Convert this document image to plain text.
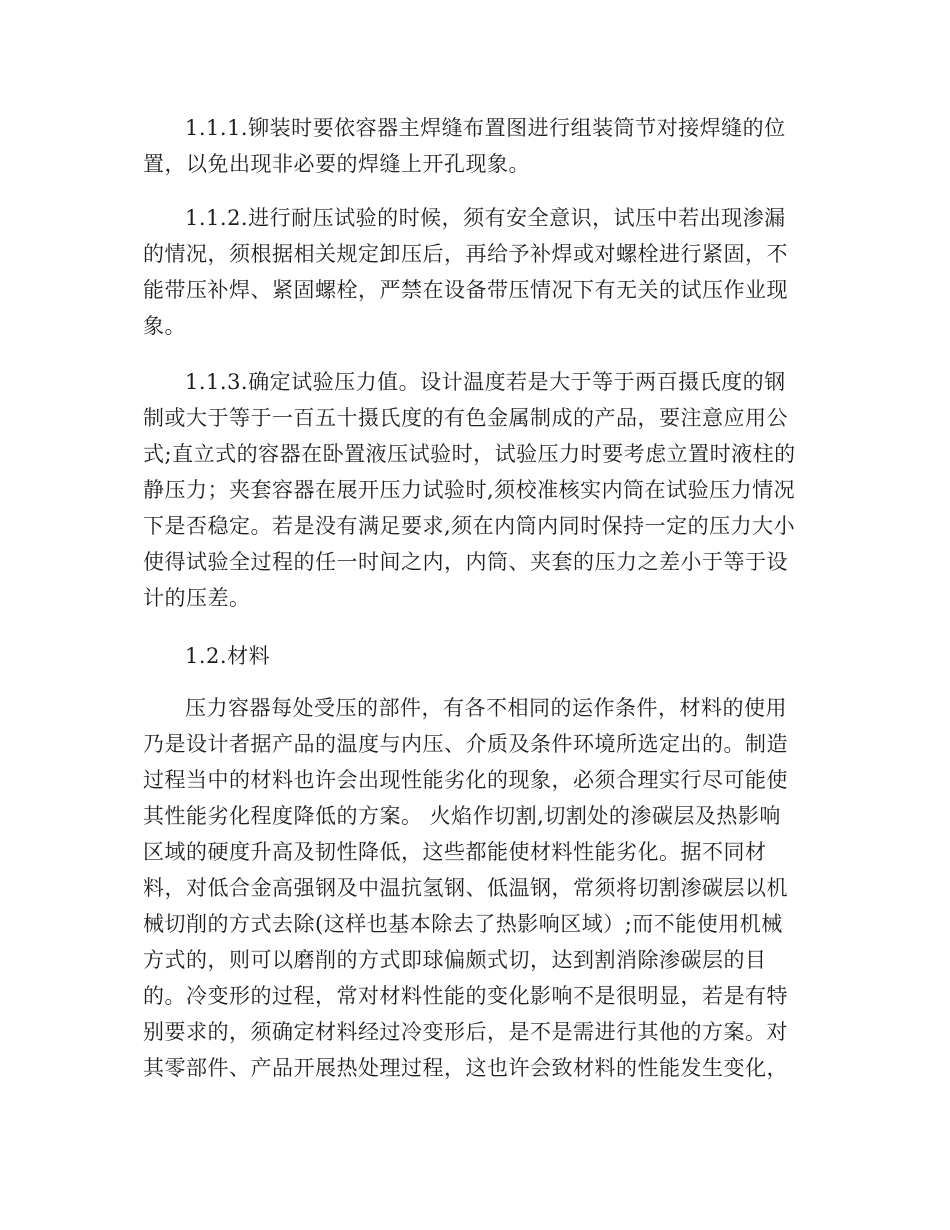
1.1.1.铆装时要依容器主焊缝布置图进行组装筒节对接焊缝的位
置，以免出现非必要的焊缝上开孔现象。
1.1.2.进行耐压试验的时候，须有安全意识，试压中若出现渗漏
的情况，须根据相关规定卸压后，再给予补焊或对螺栓进行紧固，不
能带压补焊、紧固螺栓，严禁在设备带压情况下有无关的试压作业现
象。
1.1.3.确定试验压力值。设计温度若是大于等于两百摄氏度的钢
制或大于等于一百五十摄氏度的有色金属制成的产品，要注意应用公
式;直立式的容器在卧置液压试验时，试验压力时要考虑立置时液柱的
静压力；夹套容器在展开压力试验时,须校准核实内筒在试验压力情况
下是否稳定。若是没有满足要求,须在内筒内同时保持一定的压力大小
使得试验全过程的任一时间之内，内筒、夹套的压力之差小于等于设
计的压差。
1.2.材料
压力容器每处受压的部件，有各不相同的运作条件，材料的使用
乃是设计者据产品的温度与内压、介质及条件环境所选定出的。制造
过程当中的材料也许会出现性能劣化的现象，必须合理实行尽可能使
其性能劣化程度降低的方案。 火焰作切割,切割处的渗碳层及热影响
区域的硬度升高及韧性降低，这些都能使材料性能劣化。据不同材
料，对低合金高强钢及中温抗氢钢、低温钢，常须将切割渗碳层以机
械切削的方式去除(这样也基本除去了热影响区域）;而不能使用机械
方式的，则可以磨削的方式即球偏颇式切，达到割消除渗碳层的目
的。冷变形的过程，常对材料性能的变化影响不是很明显，若是有特
别要求的，须确定材料经过冷变形后，是不是需进行其他的方案。对
其零部件、产品开展热处理过程，这也许会致材料的性能发生变化，
